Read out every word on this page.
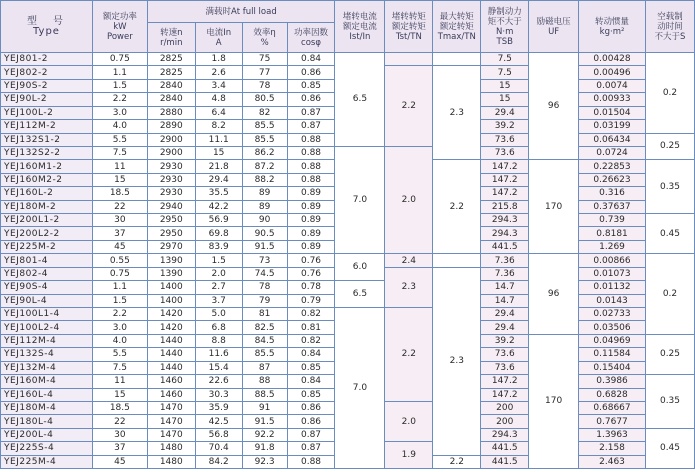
型　号
Type	额定功率
kW
Power	满载时At full load				堵转电流
额定电流
Ist/In	堵转转矩
额定转矩
Tst/TN	最大转矩
额定转矩
Tmax/TN	静制动力
矩不大于
N·m
TSB	励磁电压
UF	转动惯量
kg·m²	空载制
动时间
不大于S

		转速n
r/min	电流In
A	效率η
%	功率因数
cosφ							

YEJ801-2	0.75	2825	1.8	75	0.84	6.5			7.5	96	0.00428	0.2
YEJ802-2	1.1	2825	2.6	77	0.86		2.2	2.3	7.5		0.00496	
YEJ90S-2	1.5	2840	3.4	78	0.85				15		0.0074	
YEJ90L-2	2.2	2840	4.8	80.5	0.86				15		0.00933	
YEJ100L-2	3.0	2880	6.4	82	0.87				29.4		0.01504	
YEJ112M-2	4.0	2890	8.2	85.5	0.87				39.2		0.03199	
YEJ132S1-2	5.5	2900	11.1	85.5	0.88				73.6		0.06434	0.25
YEJ132S2-2	7.5	2900	15	86.2	0.88	7.0	2.0		73.6		0.0724	
YEJ160M1-2	11	2930	21.8	87.2	0.88			2.2	147.2	170	0.22853	0.35
YEJ160M2-2	15	2930	29.4	88.2	0.88				147.2		0.26623	
YEJ160L-2	18.5	2930	35.5	89	0.89				147.2		0.316	
YEJ180M-2	22	2940	42.2	89	0.89				215.8		0.37637	
YEJ200L1-2	30	2950	56.9	90	0.89				294.3		0.739	0.45
YEJ200L2-2	37	2950	69.8	90.5	0.89				294.3		0.8181	
YEJ225M-2	45	2970	83.9	91.5	0.89				441.5		1.269	
YEJ801-4	0.55	1390	1.5	73	0.76	6.0	2.4		7.36	96	0.00866	0.2
YEJ802-4	0.75	1390	2.0	74.5	0.76		2.3	2.3	7.36		0.01073	
YEJ90S-4	1.1	1400	2.7	78	0.78	6.5			14.7		0.01132	
YEJ90L-4	1.5	1400	3.7	79	0.79				14.7		0.0143	
YEJ100L1-4	2.2	1420	5.0	81	0.82	7.0	2.2		29.4		0.02733	
YEJ100L2-4	3.0	1420	6.8	82.5	0.81				29.4		0.03506	
YEJ112M-4	4.0	1440	8.8	84.5	0.82				39.2	170	0.04969	0.25
YEJ132S-4	5.5	1440	11.6	85.5	0.84				73.6		0.11584	
YEJ132M-4	7.5	1440	15.4	87	0.85				73.6		0.15404	
YEJ160M-4	11	1460	22.6	88	0.84				147.2		0.3986	0.35
YEJ160L-4	15	1460	30.3	88.5	0.85				147.2		0.6828	
YEJ180M-4	18.5	1470	35.9	91	0.86		2.0		200		0.68667	
YEJ180L-4	22	1470	42.5	91.5	0.86				200		0.7677	
YEJ200L-4	30	1470	56.8	92.2	0.87				294.3		1.3963	0.45
YEJ225S-4	37	1480	70.4	91.8	0.87		1.9		441.5		2.158	
YEJ225M-4	45	1480	84.2	92.3	0.88			2.2	441.5		2.463	
